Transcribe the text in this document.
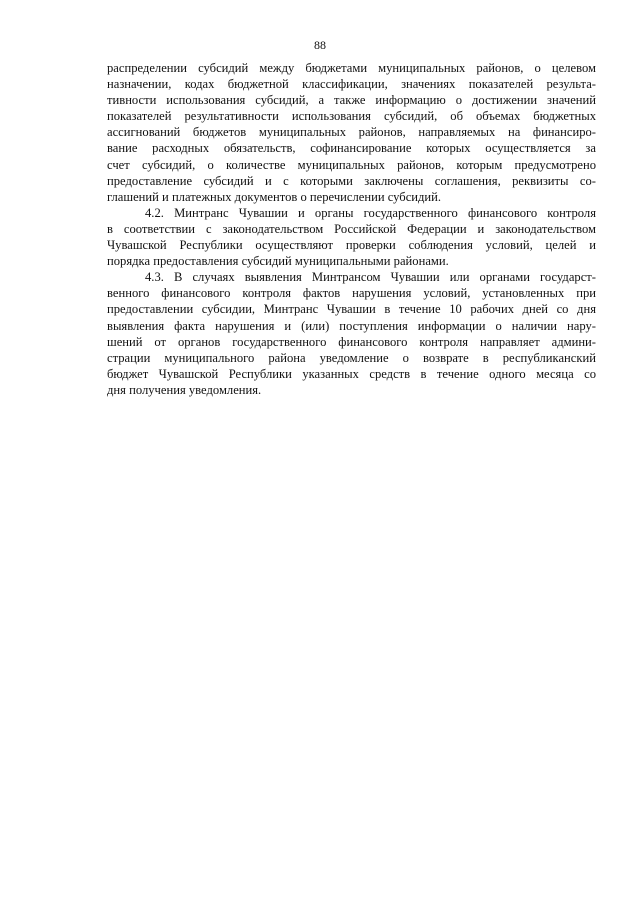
88
распределении субсидий между бюджетами муниципальных районов, о целевом
назначении, кодах бюджетной классификации, значениях показателей результа-
тивности использования субсидий, а также информацию о достижении значений
показателей результативности использования субсидий, об объемах бюджетных
ассигнований бюджетов муниципальных районов, направляемых на финансиро-
вание расходных обязательств, софинансирование которых осуществляется за
счет субсидий, о количестве муниципальных районов, которым предусмотрено
предоставление субсидий и с которыми заключены соглашения, реквизиты со-
глашений и платежных документов о перечислении субсидий.
4.2. Минтранс Чувашии и органы государственного финансового контроля
в соответствии с законодательством Российской Федерации и законодательством
Чувашской Республики осуществляют проверки соблюдения условий, целей и
порядка предоставления субсидий муниципальными районами.
4.3. В случаях выявления Минтрансом Чувашии или органами государст-
венного финансового контроля фактов нарушения условий, установленных при
предоставлении субсидии, Минтранс Чувашии в течение 10 рабочих дней со дня
выявления факта нарушения и (или) поступления информации о наличии нару-
шений от органов государственного финансового контроля направляет админи-
страции муниципального района уведомление о возврате в республиканский
бюджет Чувашской Республики указанных средств в течение одного месяца со
дня получения уведомления.
